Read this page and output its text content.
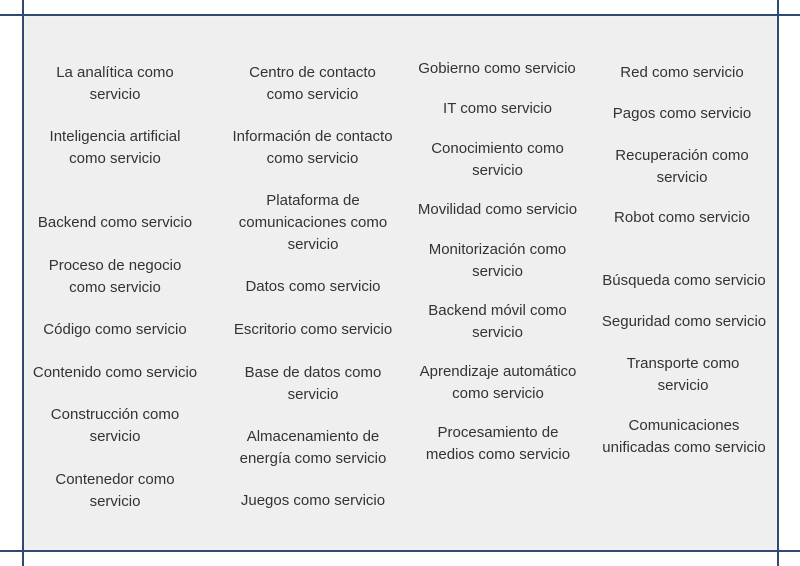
La analítica como servicio
Inteligencia artificial como servicio
Backend como servicio
Proceso de negocio como servicio
Código como servicio
Contenido como servicio
Construcción como servicio
Contenedor como servicio
Centro de contacto como servicio
Información de contacto como servicio
Plataforma de comunicaciones como servicio
Datos como servicio
Escritorio como servicio
Base de datos como servicio
Almacenamiento de energía como servicio
Juegos como servicio
Gobierno como servicio
IT como servicio
Conocimiento como servicio
Movilidad como servicio
Monitorización como servicio
Backend móvil como servicio
Aprendizaje automático como servicio
Procesamiento de medios como servicio
Red como servicio
Pagos como servicio
Recuperación como servicio
Robot como servicio
Búsqueda como servicio
Seguridad como servicio
Transporte como servicio
Comunicaciones unificadas como servicio
